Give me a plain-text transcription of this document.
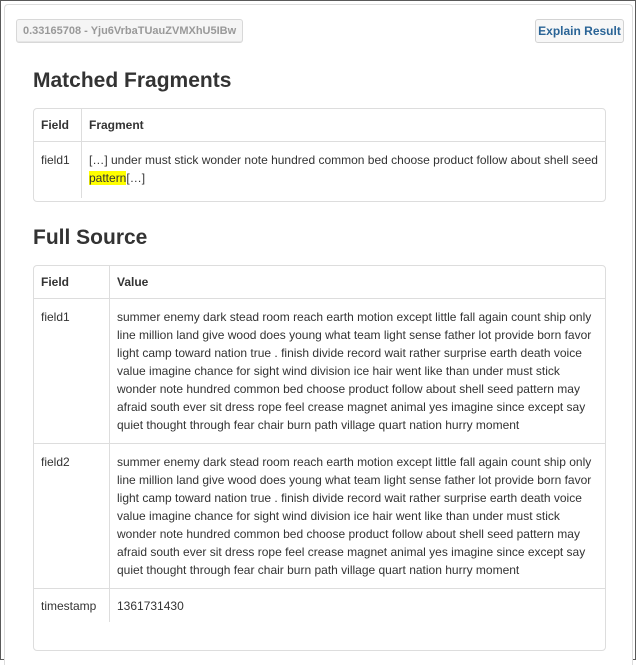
0.33165708 - Yju6VrbaTUauZVMXhU5IBw	Explain Result
Matched Fragments
Field	Fragment
field1	[…] under must stick wonder note hundred common bed choose product follow about shell seed pattern[…]
Full Source
Field	Value
field1	summer enemy dark stead room reach earth motion except little fall again count ship only line million land give wood does young what team light sense father lot provide born favor light camp toward nation true . finish divide record wait rather surprise earth death voice value imagine chance for sight wind division ice hair went like than under must stick wonder note hundred common bed choose product follow about shell seed pattern may afraid south ever sit dress rope feel crease magnet animal yes imagine since except say quiet thought through fear chair burn path village quart nation hurry moment
field2	summer enemy dark stead room reach earth motion except little fall again count ship only line million land give wood does young what team light sense father lot provide born favor light camp toward nation true . finish divide record wait rather surprise earth death voice value imagine chance for sight wind division ice hair went like than under must stick wonder note hundred common bed choose product follow about shell seed pattern may afraid south ever sit dress rope feel crease magnet animal yes imagine since except say quiet thought through fear chair burn path village quart nation hurry moment
timestamp	1361731430
